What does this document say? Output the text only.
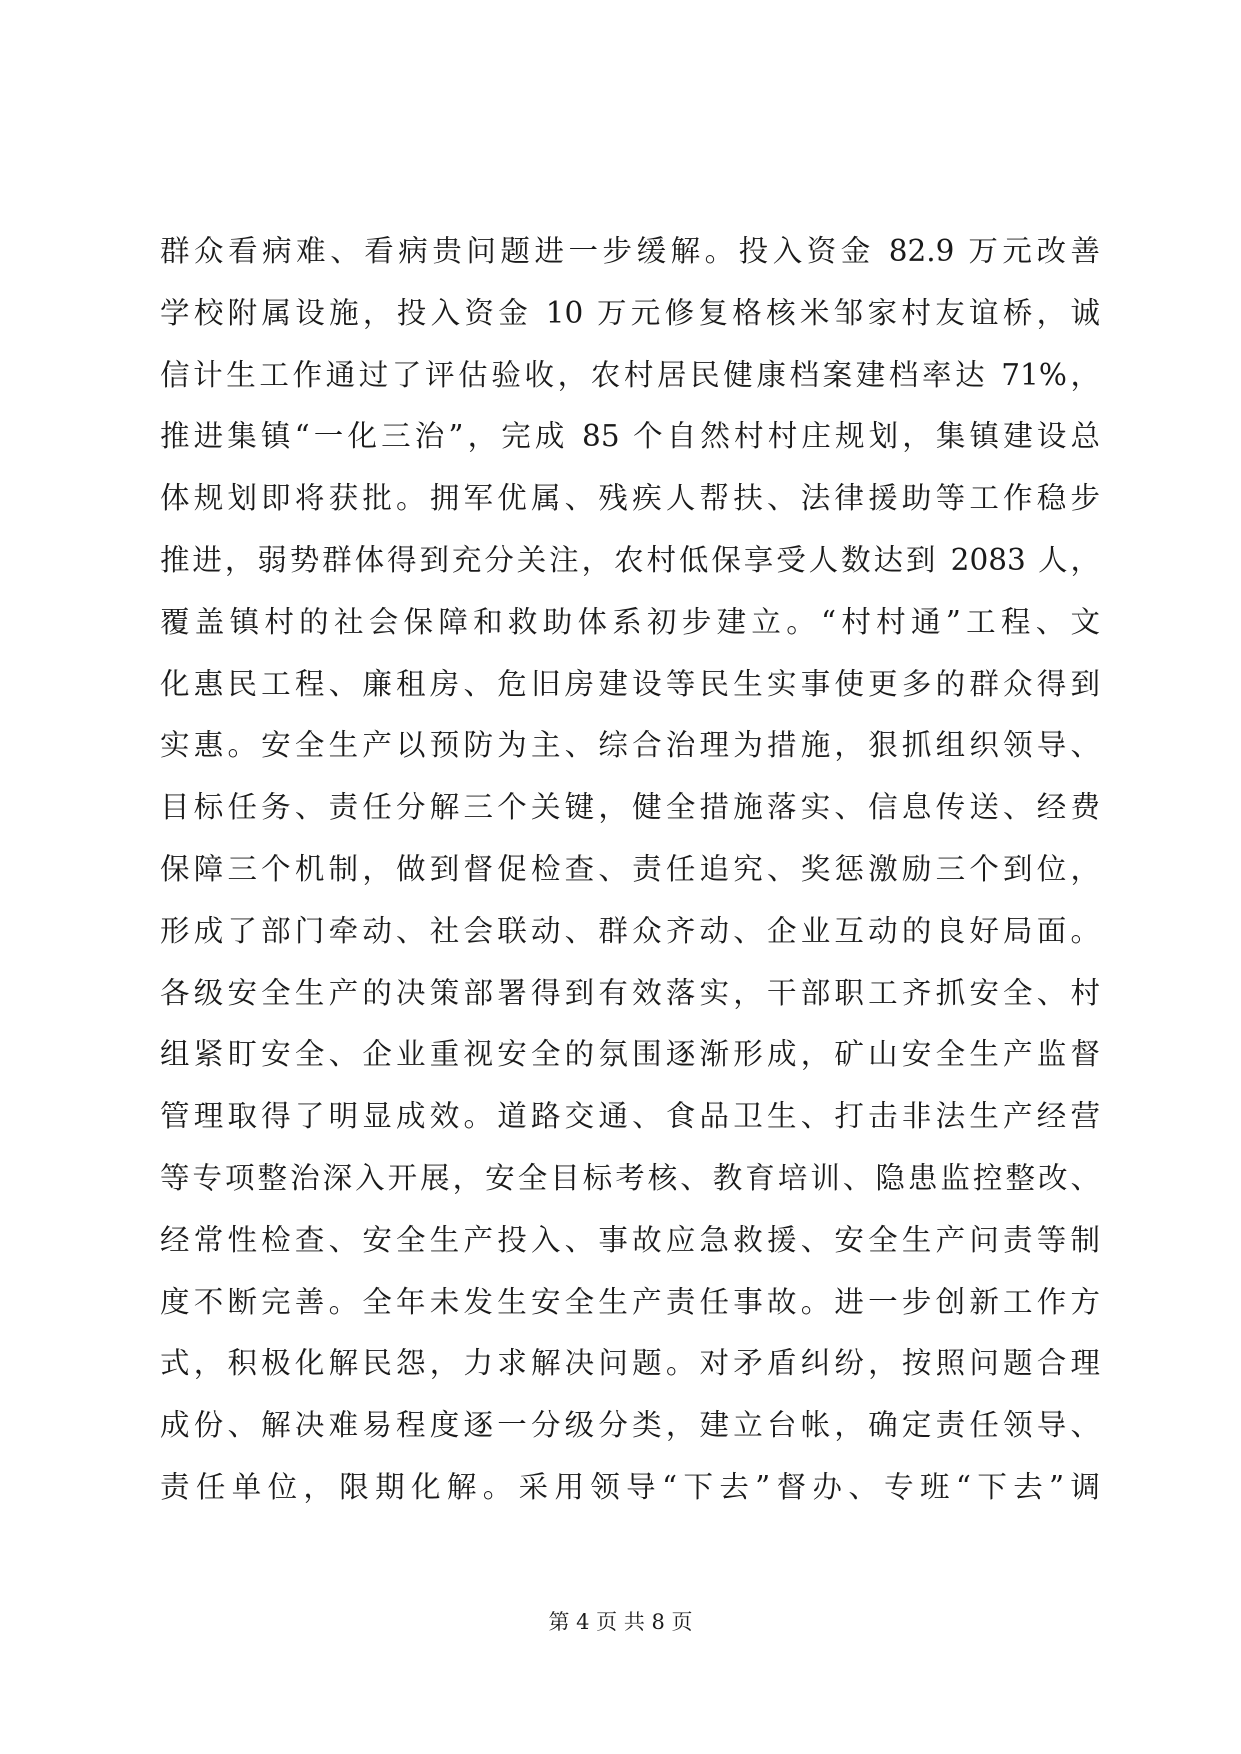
群众看病难、看病贵问题进一步缓解。投入资金 82.9 万元改善
学校附属设施，投入资金 10 万元修复格核米邹家村友谊桥，诚
信计生工作通过了评估验收，农村居民健康档案建档率达 71%，
推进集镇“一化三治”，完成 85 个自然村村庄规划，集镇建设总
体规划即将获批。拥军优属、残疾人帮扶、法律援助等工作稳步
推进，弱势群体得到充分关注，农村低保享受人数达到 2083 人，
覆盖镇村的社会保障和救助体系初步建立。“村村通”工程、文
化惠民工程、廉租房、危旧房建设等民生实事使更多的群众得到
实惠。安全生产以预防为主、综合治理为措施，狠抓组织领导、
目标任务、责任分解三个关键，健全措施落实、信息传送、经费
保障三个机制，做到督促检查、责任追究、奖惩激励三个到位，
形成了部门牵动、社会联动、群众齐动、企业互动的良好局面。
各级安全生产的决策部署得到有效落实，干部职工齐抓安全、村
组紧盯安全、企业重视安全的氛围逐渐形成，矿山安全生产监督
管理取得了明显成效。道路交通、食品卫生、打击非法生产经营
等专项整治深入开展，安全目标考核、教育培训、隐患监控整改、
经常性检查、安全生产投入、事故应急救援、安全生产问责等制
度不断完善。全年未发生安全生产责任事故。进一步创新工作方
式，积极化解民怨，力求解决问题。对矛盾纠纷，按照问题合理
成份、解决难易程度逐一分级分类，建立台帐，确定责任领导、
责任单位，限期化解。采用领导“下去”督办、专班“下去”调
第 4 页 共 8 页
